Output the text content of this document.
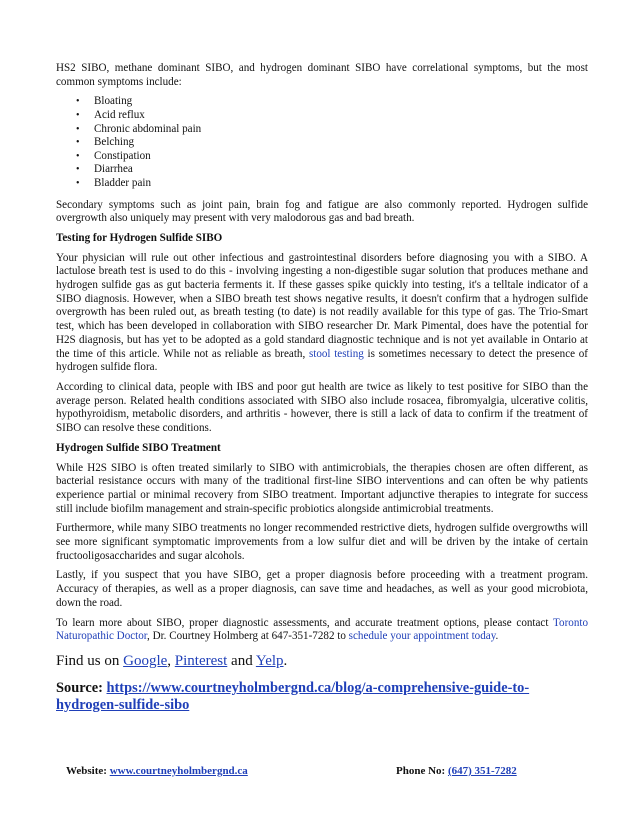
HS2 SIBO, methane dominant SIBO, and hydrogen dominant SIBO have correlational symptoms, but the most common symptoms include:

•	Bloating
•	Acid reflux
•	Chronic abdominal pain
•	Belching
•	Constipation
•	Diarrhea
•	Bladder pain

Secondary symptoms such as joint pain, brain fog and fatigue are also commonly reported. Hydrogen sulfide overgrowth also uniquely may present with very malodorous gas and bad breath.

Testing for Hydrogen Sulfide SIBO

Your physician will rule out other infectious and gastrointestinal disorders before diagnosing you with a SIBO. A lactulose breath test is used to do this - involving ingesting a non-digestible sugar solution that produces methane and hydrogen sulfide gas as gut bacteria ferments it. If these gasses spike quickly into testing, it's a telltale indicator of a SIBO diagnosis. However, when a SIBO breath test shows negative results, it doesn't confirm that a hydrogen sulfide overgrowth has been ruled out, as breath testing (to date) is not readily available for this type of gas. The Trio-Smart test, which has been developed in collaboration with SIBO researcher Dr. Mark Pimental, does have the potential for H2S diagnosis, but has yet to be adopted as a gold standard diagnostic technique and is not yet available in Ontario at the time of this article. While not as reliable as breath, stool testing is sometimes necessary to detect the presence of hydrogen sulfide flora.

According to clinical data, people with IBS and poor gut health are twice as likely to test positive for SIBO than the average person. Related health conditions associated with SIBO also include rosacea, fibromyalgia, ulcerative colitis, hypothyroidism, metabolic disorders, and arthritis - however, there is still a lack of data to confirm if the treatment of SIBO can resolve these conditions.

Hydrogen Sulfide SIBO Treatment

While H2S SIBO is often treated similarly to SIBO with antimicrobials, the therapies chosen are often different, as bacterial resistance occurs with many of the traditional first-line SIBO interventions and can often be why patients experience partial or minimal recovery from SIBO treatment. Important adjunctive therapies to integrate for success still include biofilm management and strain-specific probiotics alongside antimicrobial treatments.

Furthermore, while many SIBO treatments no longer recommended restrictive diets, hydrogen sulfide overgrowths will see more significant symptomatic improvements from a low sulfur diet and will be driven by the intake of certain fructooligosaccharides and sugar alcohols.

Lastly, if you suspect that you have SIBO, get a proper diagnosis before proceeding with a treatment program. Accuracy of therapies, as well as a proper diagnosis, can save time and headaches, as well as your good microbiota, down the road.

To learn more about SIBO, proper diagnostic assessments, and accurate treatment options, please contact Toronto Naturopathic Doctor, Dr. Courtney Holmberg at 647-351-7282 to schedule your appointment today.

Find us on Google, Pinterest and Yelp.

Source: https://www.courtneyholmbergnd.ca/blog/a-comprehensive-guide-to-hydrogen-sulfide-sibo

Website: www.courtneyholmbergnd.ca	Phone No: (647) 351-7282
